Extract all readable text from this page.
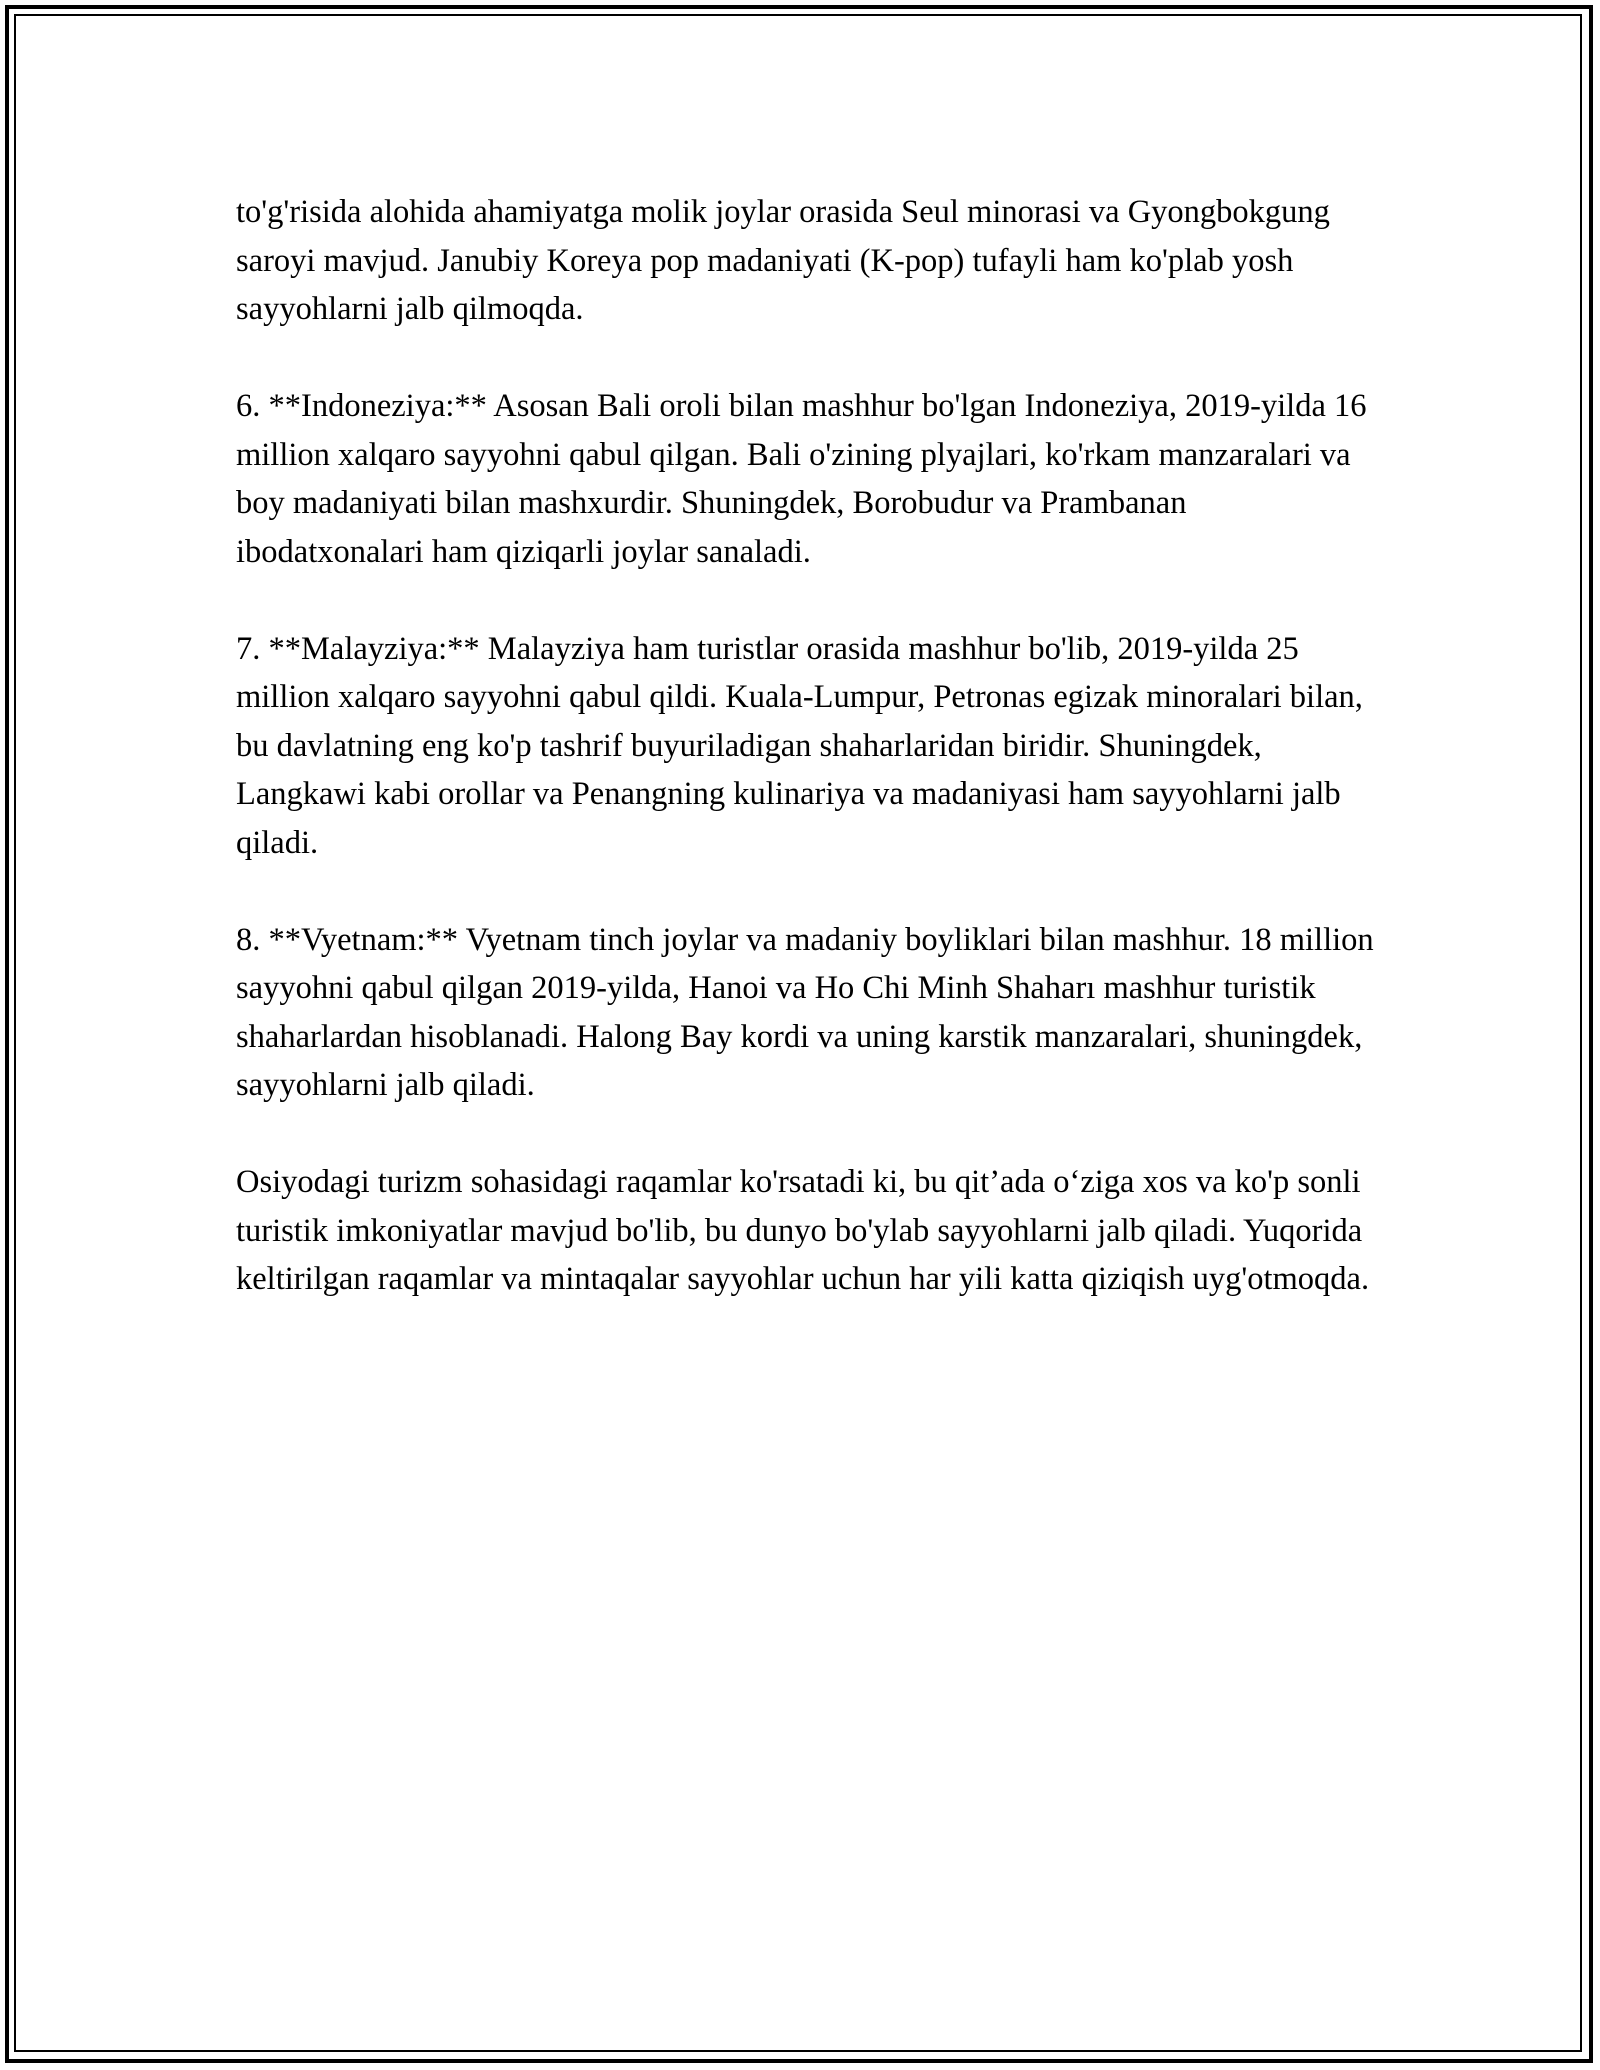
to'g'risida alohida ahamiyatga molik joylar orasida Seul minorasi va Gyongbokgung saroyi mavjud. Janubiy Koreya pop madaniyati (K-pop) tufayli ham ko'plab yosh sayyohlarni jalb qilmoqda.

6. **Indoneziya:** Asosan Bali oroli bilan mashhur bo'lgan Indoneziya, 2019-yilda 16 million xalqaro sayyohni qabul qilgan. Bali o'zining plyajlari, ko'rkam manzaralari va boy madaniyati bilan mashxurdir. Shuningdek, Borobudur va Prambanan ibodatxonalari ham qiziqarli joylar sanaladi.

7. **Malayziya:** Malayziya ham turistlar orasida mashhur bo'lib, 2019-yilda 25 million xalqaro sayyohni qabul qildi. Kuala-Lumpur, Petronas egizak minoralari bilan, bu davlatning eng ko'p tashrif buyuriladigan shaharlaridan biridir. Shuningdek, Langkawi kabi orollar va Penangning kulinariya va madaniyasi ham sayyohlarni jalb qiladi.

8. **Vyetnam:** Vyetnam tinch joylar va madaniy boyliklari bilan mashhur. 18 million sayyohni qabul qilgan 2019-yilda, Hanoi va Ho Chi Minh Shaharı mashhur turistik shaharlardan hisoblanadi. Halong Bay kordi va uning karstik manzaralari, shuningdek, sayyohlarni jalb qiladi.

Osiyodagi turizm sohasidagi raqamlar ko'rsatadi ki, bu qit’ada o‘ziga xos va ko'p sonli turistik imkoniyatlar mavjud bo'lib, bu dunyo bo'ylab sayyohlarni jalb qiladi. Yuqorida keltirilgan raqamlar va mintaqalar sayyohlar uchun har yili katta qiziqish uyg'otmoqda.
